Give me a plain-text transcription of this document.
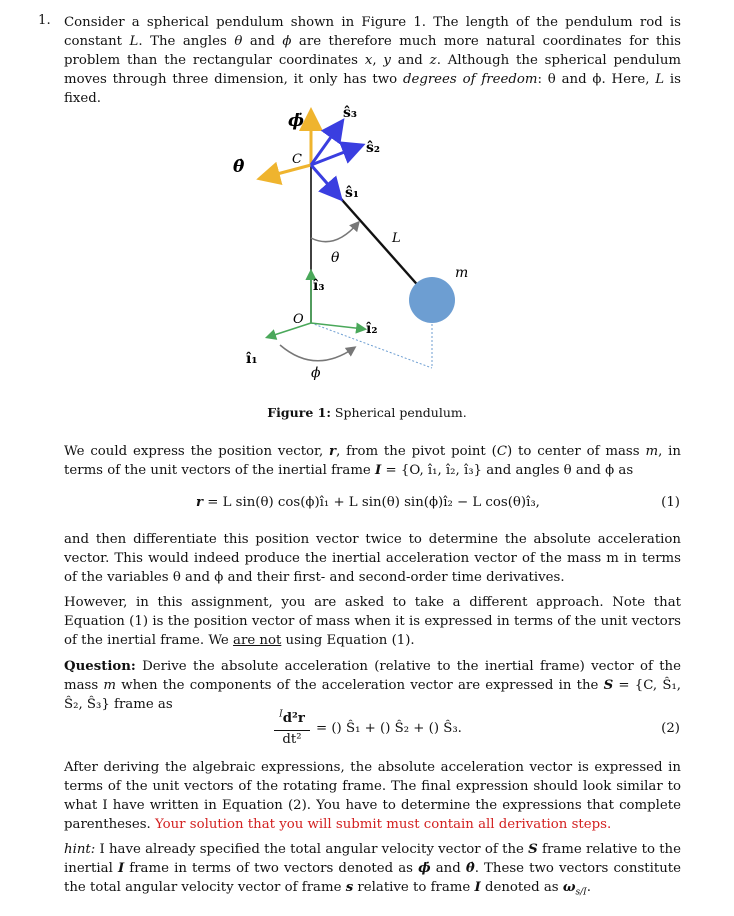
1. Consider a spherical pendulum shown in Figure 1. The length of the pendulum rod is constant L. The angles θ and ϕ are therefore much more natural coordinates for this problem than the rectangular coordinates x, y and z. Although the spherical pendulum moves through three dimension, it only has two degrees of freedom: θ and ϕ. Here, L is fixed.

ϕ̇
θ̇
ŝ₃
ŝ₂
ŝ₁
C
L
θ
m
î₃
O
î₂
î₁
ϕ
Figure 1: Spherical pendulum.

We could express the position vector, r, from the pivot point (C) to center of mass m, in terms of the unit vectors of the inertial frame I = {O, î₁, î₂, î₃} and angles θ and ϕ as

r = L sin(θ) cos(ϕ)î₁ + L sin(θ) sin(ϕ)î₂ − L cos(θ)î₃,	(1)

and then differentiate this position vector twice to determine the absolute acceleration vector. This would indeed produce the inertial acceleration vector of the mass m in terms of the variables θ and ϕ and their first- and second-order time derivatives.

However, in this assignment, you are asked to take a different approach. Note that Equation (1) is the position vector of mass when it is expressed in terms of the unit vectors of the inertial frame. We are not using Equation (1).

Question: Derive the absolute acceleration (relative to the inertial frame) vector of the mass m when the components of the acceleration vector are expressed in the S = {C, Ŝ₁, Ŝ₂, Ŝ₃} frame as

$^I$d²r
dt²
= () Ŝ₁ + () Ŝ₂ + () Ŝ₃.	(2)

After deriving the algebraic expressions, the absolute acceleration vector is expressed in terms of the unit vectors of the rotating frame. The final expression should look similar to what I have written in Equation (2). You have to determine the expressions that complete parentheses. Your solution that you will submit must contain all derivation steps.

hint: I have already specified the total angular velocity vector of the S frame relative to the inertial I frame in terms of two vectors denoted as ϕ̇ and θ̇. These two vectors constitute the total angular velocity vector of frame s relative to frame I denoted as $\omega_{s/I}$.
